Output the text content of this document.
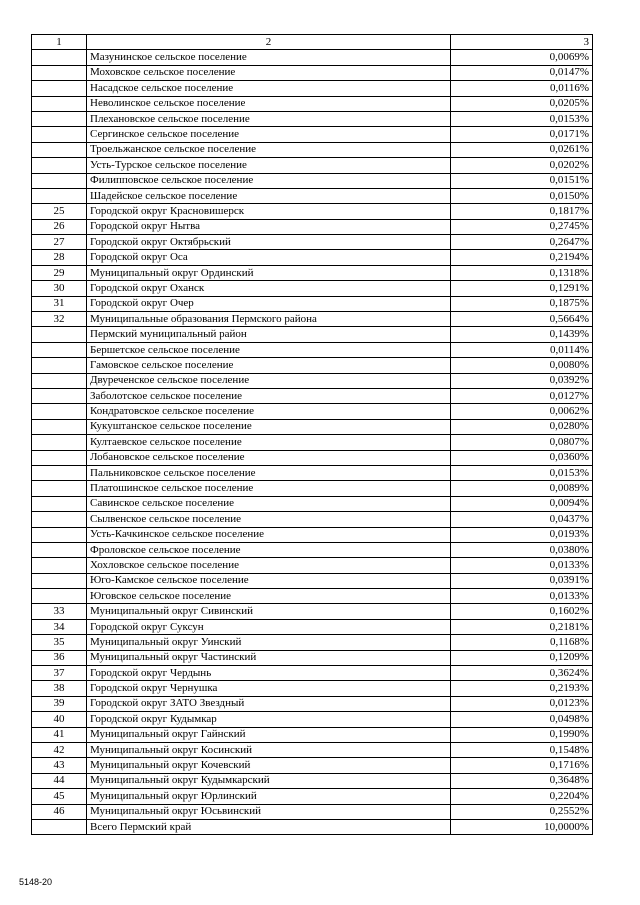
1	2	3
	Мазунинское сельское поселение	0,0069%
	Моховское сельское поселение	0,0147%
	Насадское сельское поселение	0,0116%
	Неволинское сельское поселение	0,0205%
	Плехановское сельское поселение	0,0153%
	Сергинское сельское поселение	0,0171%
	Троельжанское сельское поселение	0,0261%
	Усть-Турское сельское поселение	0,0202%
	Филипповское сельское поселение	0,0151%
	Шадейское сельское поселение	0,0150%
25	Городской округ Красновишерск	0,1817%
26	Городской округ Нытва	0,2745%
27	Городской округ Октябрьский	0,2647%
28	Городской округ Оса	0,2194%
29	Муниципальный округ Ординский	0,1318%
30	Городской округ Оханск	0,1291%
31	Городской округ Очер	0,1875%
32	Муниципальные образования Пермского района	0,5664%
	Пермский муниципальный район	0,1439%
	Бершетское сельское поселение	0,0114%
	Гамовское сельское поселение	0,0080%
	Двуреченское сельское поселение	0,0392%
	Заболотское сельское поселение	0,0127%
	Кондратовское сельское поселение	0,0062%
	Кукуштанское сельское поселение	0,0280%
	Култаевское сельское поселение	0,0807%
	Лобановское сельское поселение	0,0360%
	Пальниковское сельское поселение	0,0153%
	Платошинское сельское поселение	0,0089%
	Савинское сельское поселение	0,0094%
	Сылвенское сельское поселение	0,0437%
	Усть-Качкинское сельское поселение	0,0193%
	Фроловское сельское поселение	0,0380%
	Хохловское сельское поселение	0,0133%
	Юго-Камское сельское поселение	0,0391%
	Юговское сельское поселение	0,0133%
33	Муниципальный округ Сивинский	0,1602%
34	Городской округ Суксун	0,2181%
35	Муниципальный округ Уинский	0,1168%
36	Муниципальный округ Частинский	0,1209%
37	Городской округ Чердынь	0,3624%
38	Городской округ Чернушка	0,2193%
39	Городской округ ЗАТО Звездный	0,0123%
40	Городской округ Кудымкар	0,0498%
41	Муниципальный округ Гайнский	0,1990%
42	Муниципальный округ Косинский	0,1548%
43	Муниципальный округ Кочевский	0,1716%
44	Муниципальный округ Кудымкарский	0,3648%
45	Муниципальный округ Юрлинский	0,2204%
46	Муниципальный округ Юсьвинский	0,2552%
	Всего Пермский край	10,0000%
5148-20
